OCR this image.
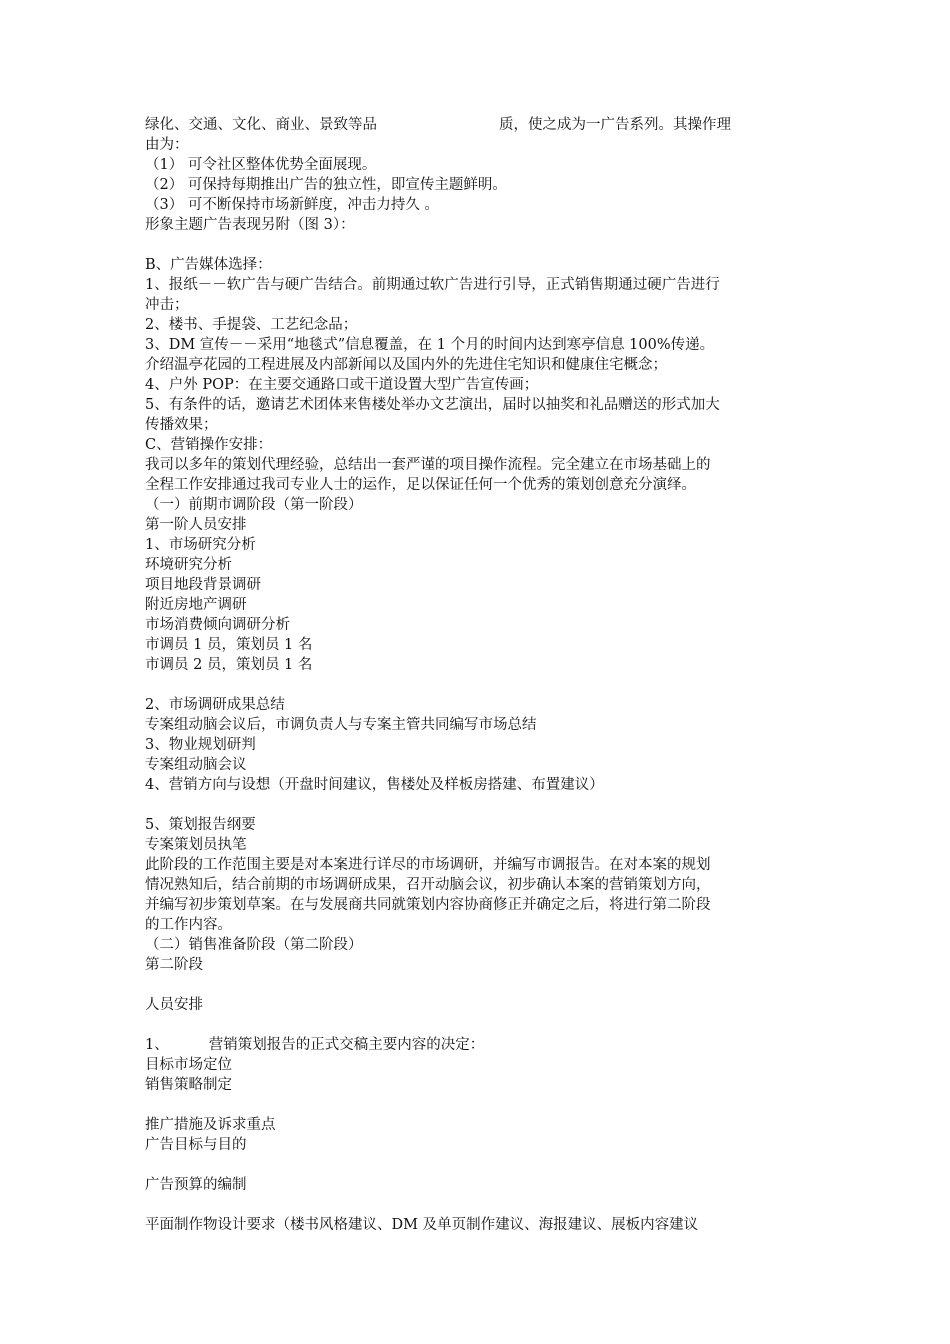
绿化、交通、文化、商业、景致等品	质，使之成为一广告系列。其操作理
由为：
（1） 可令社区整体优势全面展现。
（2） 可保持每期推出广告的独立性，即宣传主题鲜明。
（3） 可不断保持市场新鲜度，冲击力持久 。
形象主题广告表现另附（图 3）：
B、广告媒体选择：
1、报纸－－软广告与硬广告结合。前期通过软广告进行引导，正式销售期通过硬广告进行
冲击；
2、楼书、手提袋、工艺纪念品；
3、DM 宣传－－采用“地毯式”信息覆盖，在 1 个月的时间内达到寒亭信息 100%传递。
介绍温亭花园的工程进展及内部新闻以及国内外的先进住宅知识和健康住宅概念；
4、户外 POP：在主要交通路口或干道设置大型广告宣传画；
5、有条件的话，邀请艺术团体来售楼处举办文艺演出，届时以抽奖和礼品赠送的形式加大
传播效果；
C、营销操作安排：
我司以多年的策划代理经验，总结出一套严谨的项目操作流程。完全建立在市场基础上的
全程工作安排通过我司专业人士的运作，足以保证任何一个优秀的策划创意充分演绎。
（一）前期市调阶段（第一阶段）
第一阶人员安排
1、市场研究分析
环境研究分析
项目地段背景调研
附近房地产调研
市场消费倾向调研分析
市调员 1 员，策划员 1 名
市调员 2 员，策划员 1 名
2、市场调研成果总结
专案组动脑会议后，市调负责人与专案主管共同编写市场总结
3、物业规划研判
专案组动脑会议
4、营销方向与设想（开盘时间建议，售楼处及样板房搭建、布置建议）
5、策划报告纲要
专案策划员执笔
此阶段的工作范围主要是对本案进行详尽的市场调研，并编写市调报告。在对本案的规划
情况熟知后，结合前期的市场调研成果，召开动脑会议，初步确认本案的营销策划方向，
并编写初步策划草案。在与发展商共同就策划内容协商修正并确定之后，将进行第二阶段
的工作内容。
（二）销售准备阶段（第二阶段）
第二阶段
人员安排
1、	营销策划报告的正式交稿主要内容的决定：
目标市场定位
销售策略制定
推广措施及诉求重点
广告目标与目的
广告预算的编制
平面制作物设计要求（楼书风格建议、DM 及单页制作建议、海报建议、展板内容建议
